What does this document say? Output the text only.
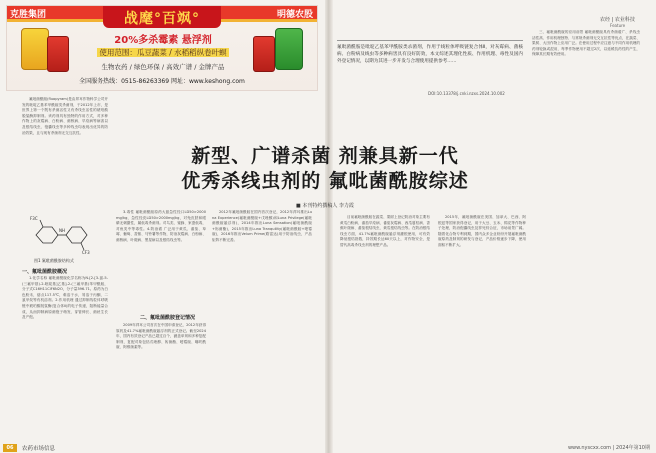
克胜集团	明德农股
战麾°百飒°
20%多杀霉素 悬浮剂
使用范围：瓜豆蔬菜 / 水稻稻纵卷叶螟
生物农药 / 绿色环保 / 高效广谱 / 金牌产品
全国服务热线：0515-86263369 网址：www.keshong.com

氟吡菌酰胺(fluopyram)是由拜耳作物科学公司开发的吡啶乙基苯甲酰胺类杀菌剂，于2012年上市，是世界上第一个既有杀菌活性又有杀线虫活性的琥珀酸脱氢酶抑制剂。该药剂具有独特的作用方式，对多种作物上的灰霉病、白粉病、菌核病、早疫病等病害以及根结线虫、孢囊线虫等多种线虫均表现出优异的防治效果，且与现有杀菌剂无交互抗性。

F3C
CF3
NH
图1 氟吡菌酰胺结构式
一、氟吡菌酰胺概况

1.化学名称 氟吡菌酰胺化学名称为N-[2-[3-氯-5-(三氟甲基)-2-吡啶基]乙基]-2-(三氟甲基)苯甲酰胺，分子式C16H11ClF6N2O，分子量396.71。原药为白色粉末，熔点117.5℃，难溶于水，易溶于丙酮、二氯甲烷等有机溶剂。2.作用机理 通过抑制线粒体呼吸链中琥珀酸脱氢酶(复合体Ⅱ)的电子传递，阻断能量合成，从而抑制病原菌孢子萌发、芽管伸长、菌丝生长及产孢。

3.毒性 氟吡菌酰胺原药大鼠急性经口LD50>2000mg/kg，急性经皮LD50>2000mg/kg，对兔皮肤和眼睛无刺激性，属低毒杀菌剂。对鸟类、蜜蜂、家蚕低毒，对鱼类中等毒性。4.防治谱 广泛用于黄瓜、番茄、草莓、葡萄、香蕉、马铃薯等作物，防治灰霉病、白粉病、菌核病、叶斑病、黑星病以及根结线虫等。

二、氟吡菌酰胺登记情况

2009年拜耳公司首次在中国申请登记，2012年获得原药及41.7%氟吡菌酰胺悬浮剂的正式登记。截至2024年，国内有效登记产品已超过百个，涵盖单剂和多种复配制剂，复配对象包括戊唑醇、肟菌酯、嘧霉胺、噻呋酰胺、阿维菌素等。

2012年氟吡菌酰胺在国内首次登记，2012年拜耳推出Luna Experience(氟吡菌酰胺+戊唑醇)和Luna Privilege(氟吡菌酰胺悬浮剂)，2014年推出Luna Sensation(氟吡菌酰胺+肟菌酯)，2015年推出Luna Tranquility(氟吡菌酰胺+嘧霉胺)，2016年推出Velum Prime(路富达)用于防治线虫，产品矩阵不断完善。

农经 | 农业科技
Feature
氟吡菌酰胺是吡啶乙基苯甲酰胺类杀菌剂，作用于线粒体呼吸链复合体Ⅱ，对灰霉病、菌核病、白粉病及线虫等多种病害具有良好防效，本文综述其理化性质、作用机理、毒性及国内外登记情况，以期为其进一步开发与合理使用提供参考……
DOI:10.13378/j.cnki.nzxs.2024.10.002
新型、广谱杀菌 剂兼具新一代
优秀杀线虫剂的 氟吡菌酰胺综述
■ 本刊特约撰稿人 李力霞

目前氟吡菌酰胺在蔬菜、果树上登记防治对象主要有黄瓜白粉病、番茄早疫病、番茄灰霉病、西瓜蔓枯病、香蕉叶斑病、番茄根结线虫、黄瓜根结线虫等。在防治根结线虫方面，41.7%氟吡菌酰胺悬浮剂灌根使用，可有效降低根结指数，持效期长达60天以上，对作物安全，是替代高毒杀线虫剂的理想产品。

2015年，氟吡菌酰胺在美国、加拿大、巴西、阿根廷等国家获得登记，用于大豆、玉米、棉花等作物种子处理，防治孢囊线虫及猝死综合征，市场前景广阔。随着化合物专利到期，国内众多企业纷纷开展氟吡菌酰胺原药及制剂的研发与登记，产品价格逐步下降，使用面积不断扩大。

三、氟吡菌酰胺的应用前景 氟吡菌酰胺具有杀菌谱广、杀线虫活性高、作用机理独特、与常规杀菌剂无交互抗性等优点，在蔬菜、果树、大田作物上应用广泛。在使用过程中应注意与不同作用机理的药剂轮换或混用，每季作物使用不超过2次，以延缓抗药性的产生，保障其长期有效使用。

06	农药市场信息	www.nyscxx.com | 2024年第10期
